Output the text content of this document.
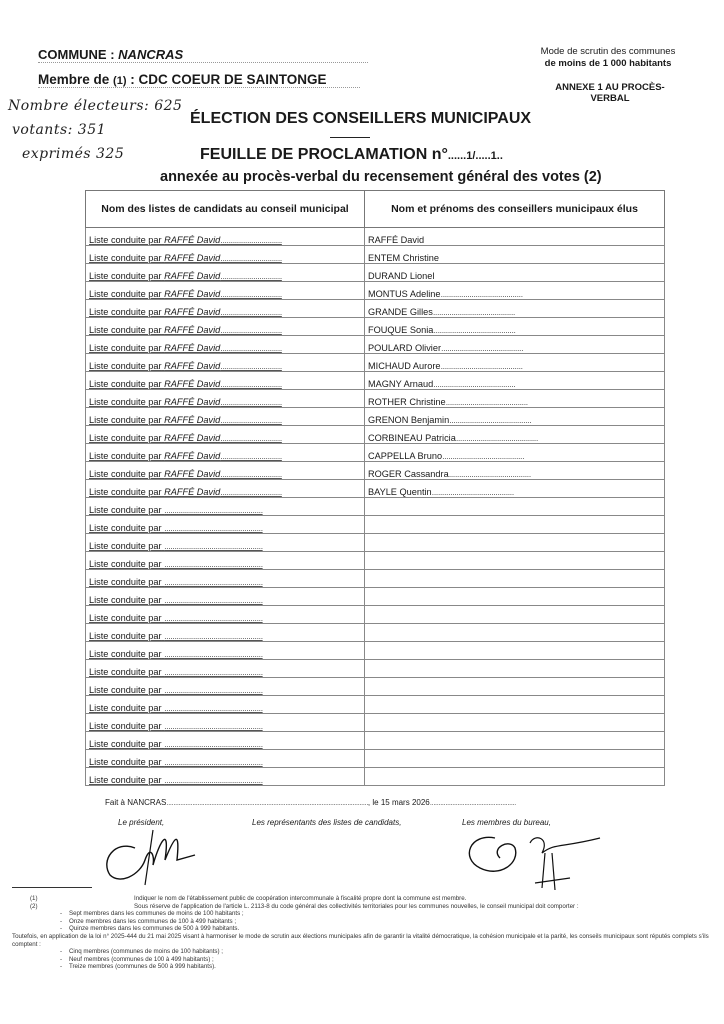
COMMUNE : NANCRAS
Membre de (1) : CDC COEUR DE SAINTONGE
Mode de scrutin des communes
de moins de 1 000 habitants
ANNEXE 1 AU PROCÈS-VERBAL
Nombre électeurs: 625
votants: 351
exprimés 325
ÉLECTION DES CONSEILLERS MUNICIPAUX
FEUILLE DE PROCLAMATION n°......1/.....1..
annexée au procès-verbal du recensement général des votes (2)
Nom des listes de candidats au conseil municipal	Nom et prénoms des conseillers municipaux élus
Liste conduite par RAFFÉ David..............................	RAFFÉ David
Liste conduite par RAFFÉ David..............................	ENTEM Christine
Liste conduite par RAFFÉ David..............................	DURAND Lionel
Liste conduite par RAFFÉ David..............................	MONTUS Adeline........................................
Liste conduite par RAFFÉ David..............................	GRANDE Gilles........................................
Liste conduite par RAFFÉ David..............................	FOUQUE Sonia........................................
Liste conduite par RAFFÉ David..............................	POULARD Olivier........................................
Liste conduite par RAFFÉ David..............................	MICHAUD Aurore........................................
Liste conduite par RAFFÉ David..............................	MAGNY Arnaud........................................
Liste conduite par RAFFÉ David..............................	ROTHER Christine........................................
Liste conduite par RAFFÉ David..............................	GRENON Benjamin........................................
Liste conduite par RAFFÉ David..............................	CORBINEAU Patricia........................................
Liste conduite par RAFFÉ David..............................	CAPPELLA Bruno........................................
Liste conduite par RAFFÉ David..............................	ROGER Cassandra........................................
Liste conduite par RAFFÉ David..............................	BAYLE Quentin........................................
Liste conduite par ................................................	
Liste conduite par ................................................	
Liste conduite par ................................................	
Liste conduite par ................................................	
Liste conduite par ................................................	
Liste conduite par ................................................	
Liste conduite par ................................................	
Liste conduite par ................................................	
Liste conduite par ................................................	
Liste conduite par ................................................	
Liste conduite par ................................................	
Liste conduite par ................................................	
Liste conduite par ................................................	
Liste conduite par ................................................	
Liste conduite par ................................................	
Liste conduite par ................................................	
Fait à NANCRAS....................................................................................................................., le 15 mars 2026..................................................
Le président,	Les représentants des listes de candidats,	Les membres du bureau,
(1)	Indiquer le nom de l'établissement public de coopération intercommunale à fiscalité propre dont la commune est membre.
(2)	Sous réserve de l'application de l'article L. 2113-8 du code général des collectivités territoriales pour les communes nouvelles, le conseil municipal doit comporter :
-    Sept membres dans les communes de moins de 100 habitants ;
-    Onze membres dans les communes de 100 à 499 habitants ;
-    Quinze membres dans les communes de 500 à 999 habitants.
Toutefois, en application de la loi n° 2025-444 du 21 mai 2025 visant à harmoniser le mode de scrutin aux élections municipales afin de garantir la vitalité démocratique, la cohésion municipale et la parité, les conseils municipaux sont réputés complets s'ils comptent :
-    Cinq membres (communes de moins de 100 habitants) ;
-    Neuf membres (communes de 100 à 499 habitants) ;
-    Treize membres (communes de 500 à 999 habitants).
